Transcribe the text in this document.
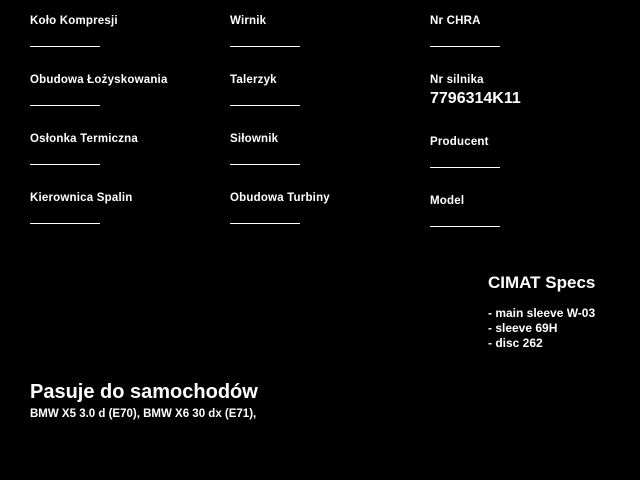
Koło Kompresji
Obudowa Łożyskowania
Osłonka Termiczna
Kierownica Spalin
Wirnik
Talerzyk
Siłownik
Obudowa Turbiny
Nr CHRA
Nr silnika
7796314K11
Producent
Model
CIMAT Specs
- main sleeve W-03
- sleeve 69H
- disc 262
Pasuje do samochodów
BMW X5 3.0 d (E70), BMW X6 30 dx (E71),
